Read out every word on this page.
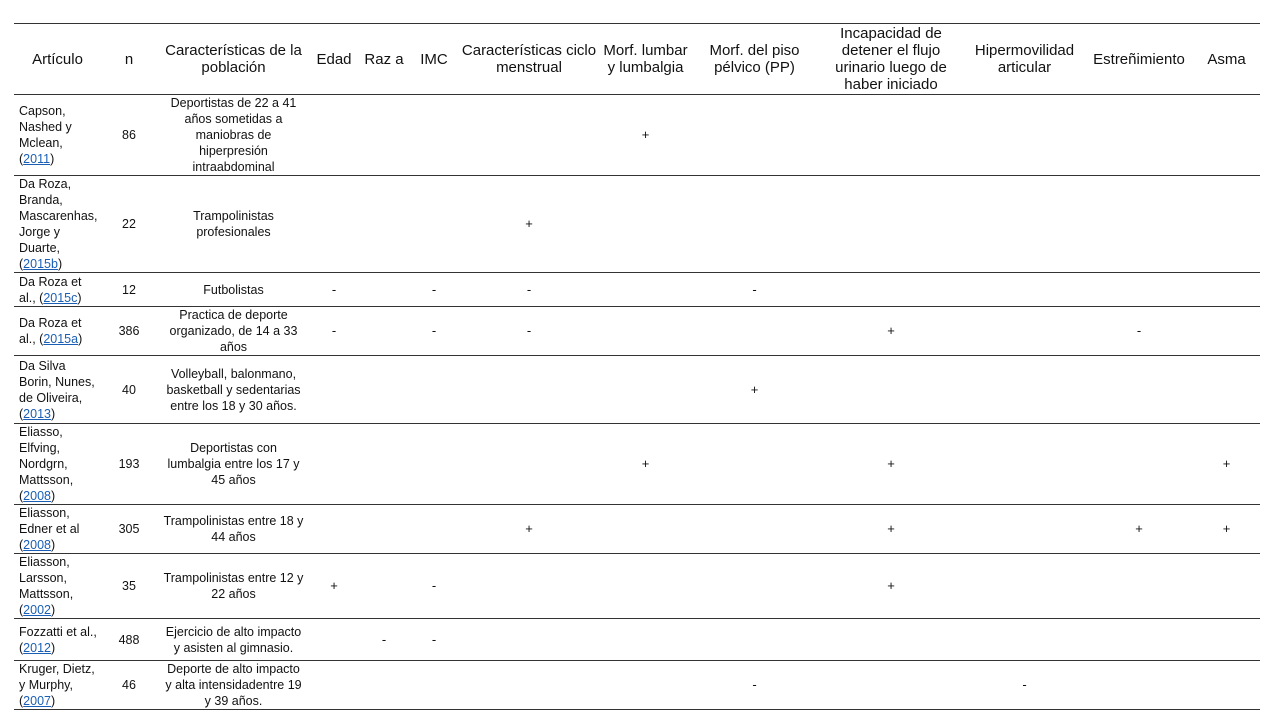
Artículo	n	Características de la población	Edad	Raz a	IMC	Características ciclo menstrual	Morf. lumbar y lumbalgia	Morf. del piso pélvico (PP)	Incapacidad de detener el flujo urinario luego de haber iniciado	Hipermovilidad articular	Estreñimiento	Asma
Capson, Nashed y Mclean, (2011)	86	Deportistas de 22 a 41 años sometidas a maniobras de hiperpresión intraabdominal					+					
Da Roza, Branda, Mascarenhas, Jorge y Duarte, (2015b)	22	Trampolinistas profesionales				+						
Da Roza et al., (2015c)	12	Futbolistas	-		-	-		-				
Da Roza et al., (2015a)	386	Practica de deporte organizado, de 14 a 33 años	-		-	-			+		-	
Da Silva Borin, Nunes, de Oliveira, (2013)	40	Volleyball, balonmano, basketball y sedentarias entre los 18 y 30 años.						+				
Eliasso, Elfving, Nordgrn, Mattsson, (2008)	193	Deportistas con lumbalgia entre los 17 y 45 años					+		+			+
Eliasson, Edner et al (2008)	305	Trampolinistas entre 18 y 44 años				+			+		+	+
Eliasson, Larsson, Mattsson, (2002)	35	Trampolinistas entre 12 y 22 años	+		-				+			
Fozzatti et al., (2012)	488	Ejercicio de alto impacto y asisten al gimnasio.		-	-							
Kruger, Dietz, y Murphy, (2007)	46	Deporte de alto impacto y alta intensidadentre 19 y 39 años.						-		-		
